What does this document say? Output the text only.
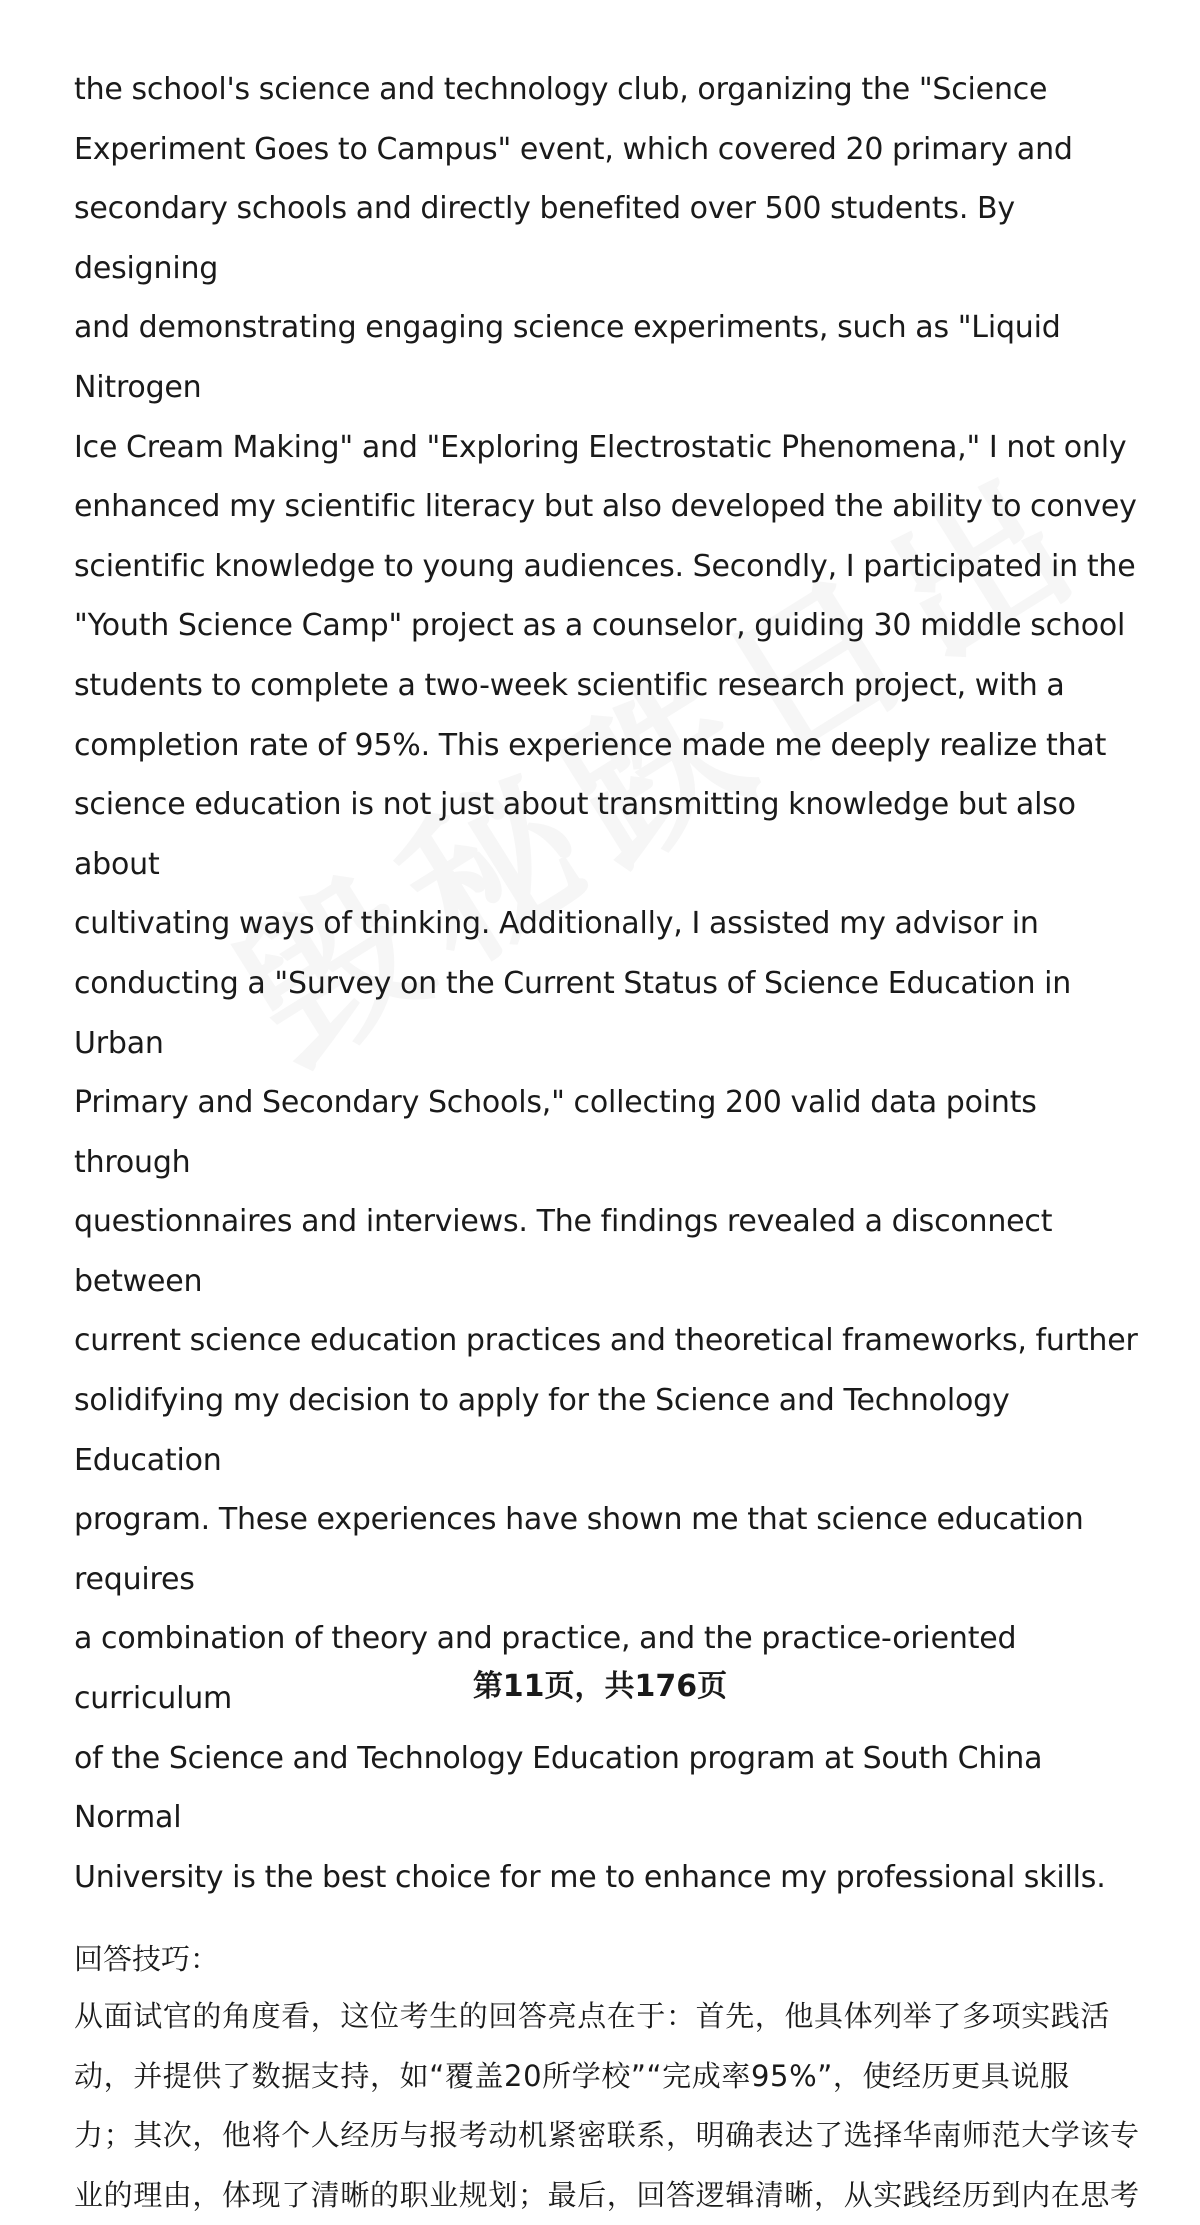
the school's science and technology club, organizing the "Science
Experiment Goes to Campus" event, which covered 20 primary and
secondary schools and directly benefited over 500 students. By designing
and demonstrating engaging science experiments, such as "Liquid Nitrogen
Ice Cream Making" and "Exploring Electrostatic Phenomena," I not only
enhanced my scientific literacy but also developed the ability to convey
scientific knowledge to young audiences. Secondly, I participated in the
"Youth Science Camp" project as a counselor, guiding 30 middle school
students to complete a two-week scientific research project, with a
completion rate of 95%. This experience made me deeply realize that
science education is not just about transmitting knowledge but also about
cultivating ways of thinking. Additionally, I assisted my advisor in
conducting a "Survey on the Current Status of Science Education in Urban
Primary and Secondary Schools," collecting 200 valid data points through
questionnaires and interviews. The findings revealed a disconnect between
current science education practices and theoretical frameworks, further
solidifying my decision to apply for the Science and Technology Education
program. These experiences have shown me that science education requires
a combination of theory and practice, and the practice-oriented curriculum
of the Science and Technology Education program at South China Normal
University is the best choice for me to enhance my professional skills.

回答技巧：

从面试官的角度看，这位考生的回答亮点在于：首先，他具体列举了多项实践活
动，并提供了数据支持，如“覆盖20所学校”“完成率95%”，使经历更具说服
力；其次，他将个人经历与报考动机紧密联系，明确表达了选择华南师范大学该专
业的理由，体现了清晰的职业规划；最后，回答逻辑清晰，从实践经历到内在思考

第11页，共176页
